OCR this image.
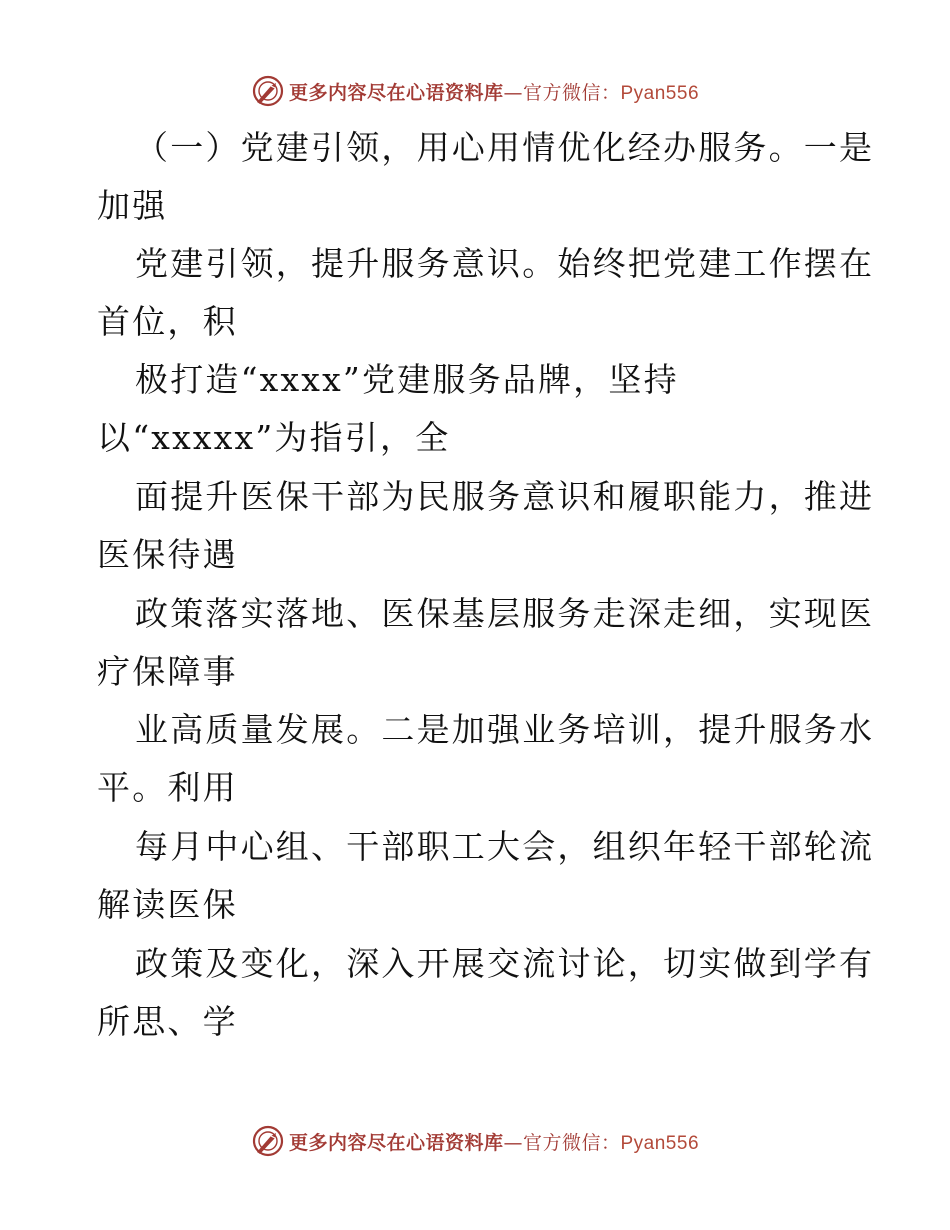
更多内容尽在心语资料库—官方微信：Pyan556
（一）党建引领，用心用情优化经办服务。一是
加强
党建引领，提升服务意识。始终把党建工作摆在
首位，积
极打造“xxxx”党建服务品牌，坚持
以“xxxxx”为指引，全
面提升医保干部为民服务意识和履职能力，推进
医保待遇
政策落实落地、医保基层服务走深走细，实现医
疗保障事
业高质量发展。二是加强业务培训，提升服务水
平。利用
每月中心组、干部职工大会，组织年轻干部轮流
解读医保
政策及变化，深入开展交流讨论，切实做到学有
所思、学
更多内容尽在心语资料库—官方微信：Pyan556
